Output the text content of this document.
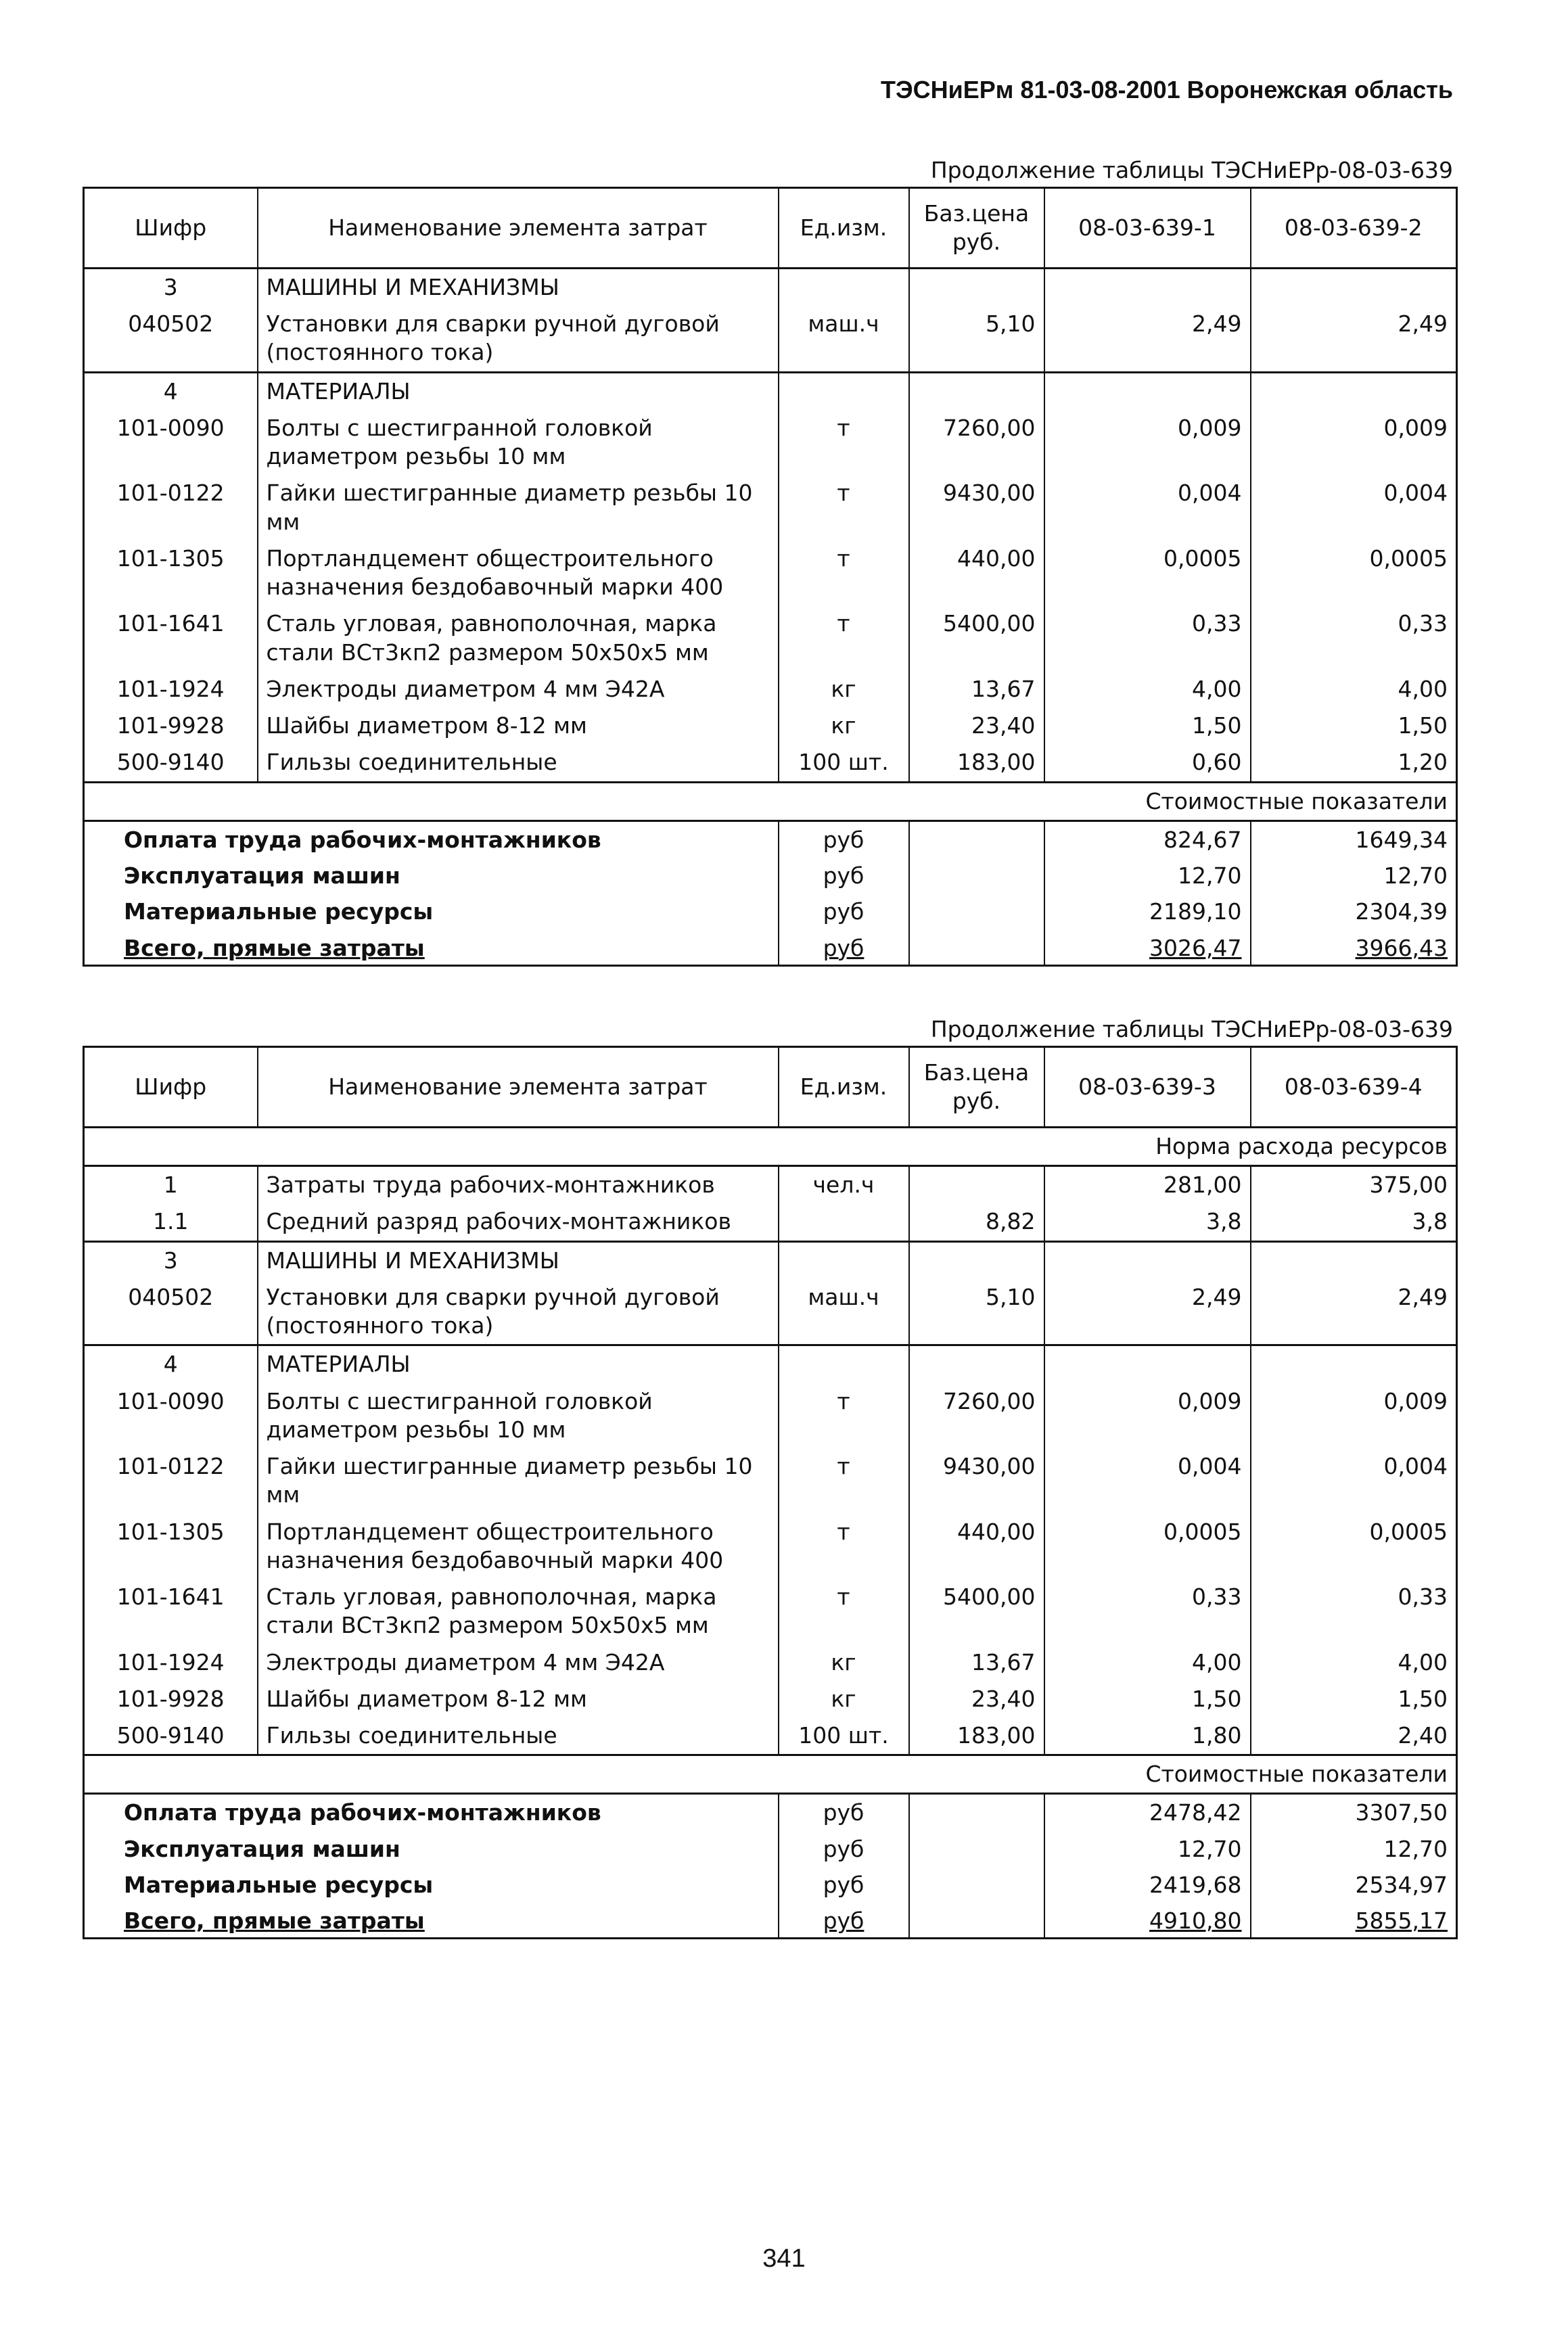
ТЭСНиЕРм 81-03-08-2001 Воронежская область
Продолжение таблицы ТЭСНиЕРр-08-03-639
Шифр	Наименование элемента затрат	Ед.изм.	Баз.цена руб.	08-03-639-1	08-03-639-2
3	МАШИНЫ И МЕХАНИЗМЫ				
040502	Установки для сварки ручной дуговой (постоянного тока)	маш.ч	5,10	2,49	2,49
4	МАТЕРИАЛЫ				
101-0090	Болты с шестигранной головкой диаметром резьбы 10 мм	т	7260,00	0,009	0,009
101-0122	Гайки шестигранные диаметр резьбы 10 мм	т	9430,00	0,004	0,004
101-1305	Портландцемент общестроительного назначения бездобавочный марки 400	т	440,00	0,0005	0,0005
101-1641	Сталь угловая, равнополочная, марка стали ВСт3кп2 размером 50х50х5 мм	т	5400,00	0,33	0,33
101-1924	Электроды диаметром 4 мм Э42А	кг	13,67	4,00	4,00
101-9928	Шайбы диаметром 8-12 мм	кг	23,40	1,50	1,50
500-9140	Гильзы соединительные	100 шт.	183,00	0,60	1,20
Стоимостные показатели					
Оплата труда рабочих-монтажников		руб		824,67	1649,34
Эксплуатация машин		руб		12,70	12,70
Материальные ресурсы		руб		2189,10	2304,39
Всего, прямые затраты		руб		3026,47	3966,43
Продолжение таблицы ТЭСНиЕРр-08-03-639
Шифр	Наименование элемента затрат	Ед.изм.	Баз.цена руб.	08-03-639-3	08-03-639-4
Норма расхода ресурсов					
1	Затраты труда рабочих-монтажников	чел.ч		281,00	375,00
1.1	Средний разряд рабочих-монтажников		8,82	3,8	3,8
3	МАШИНЫ И МЕХАНИЗМЫ				
040502	Установки для сварки ручной дуговой (постоянного тока)	маш.ч	5,10	2,49	2,49
4	МАТЕРИАЛЫ				
101-0090	Болты с шестигранной головкой диаметром резьбы 10 мм	т	7260,00	0,009	0,009
101-0122	Гайки шестигранные диаметр резьбы 10 мм	т	9430,00	0,004	0,004
101-1305	Портландцемент общестроительного назначения бездобавочный марки 400	т	440,00	0,0005	0,0005
101-1641	Сталь угловая, равнополочная, марка стали ВСт3кп2 размером 50х50х5 мм	т	5400,00	0,33	0,33
101-1924	Электроды диаметром 4 мм Э42А	кг	13,67	4,00	4,00
101-9928	Шайбы диаметром 8-12 мм	кг	23,40	1,50	1,50
500-9140	Гильзы соединительные	100 шт.	183,00	1,80	2,40
Стоимостные показатели					
Оплата труда рабочих-монтажников		руб		2478,42	3307,50
Эксплуатация машин		руб		12,70	12,70
Материальные ресурсы		руб		2419,68	2534,97
Всего, прямые затраты		руб		4910,80	5855,17
341
